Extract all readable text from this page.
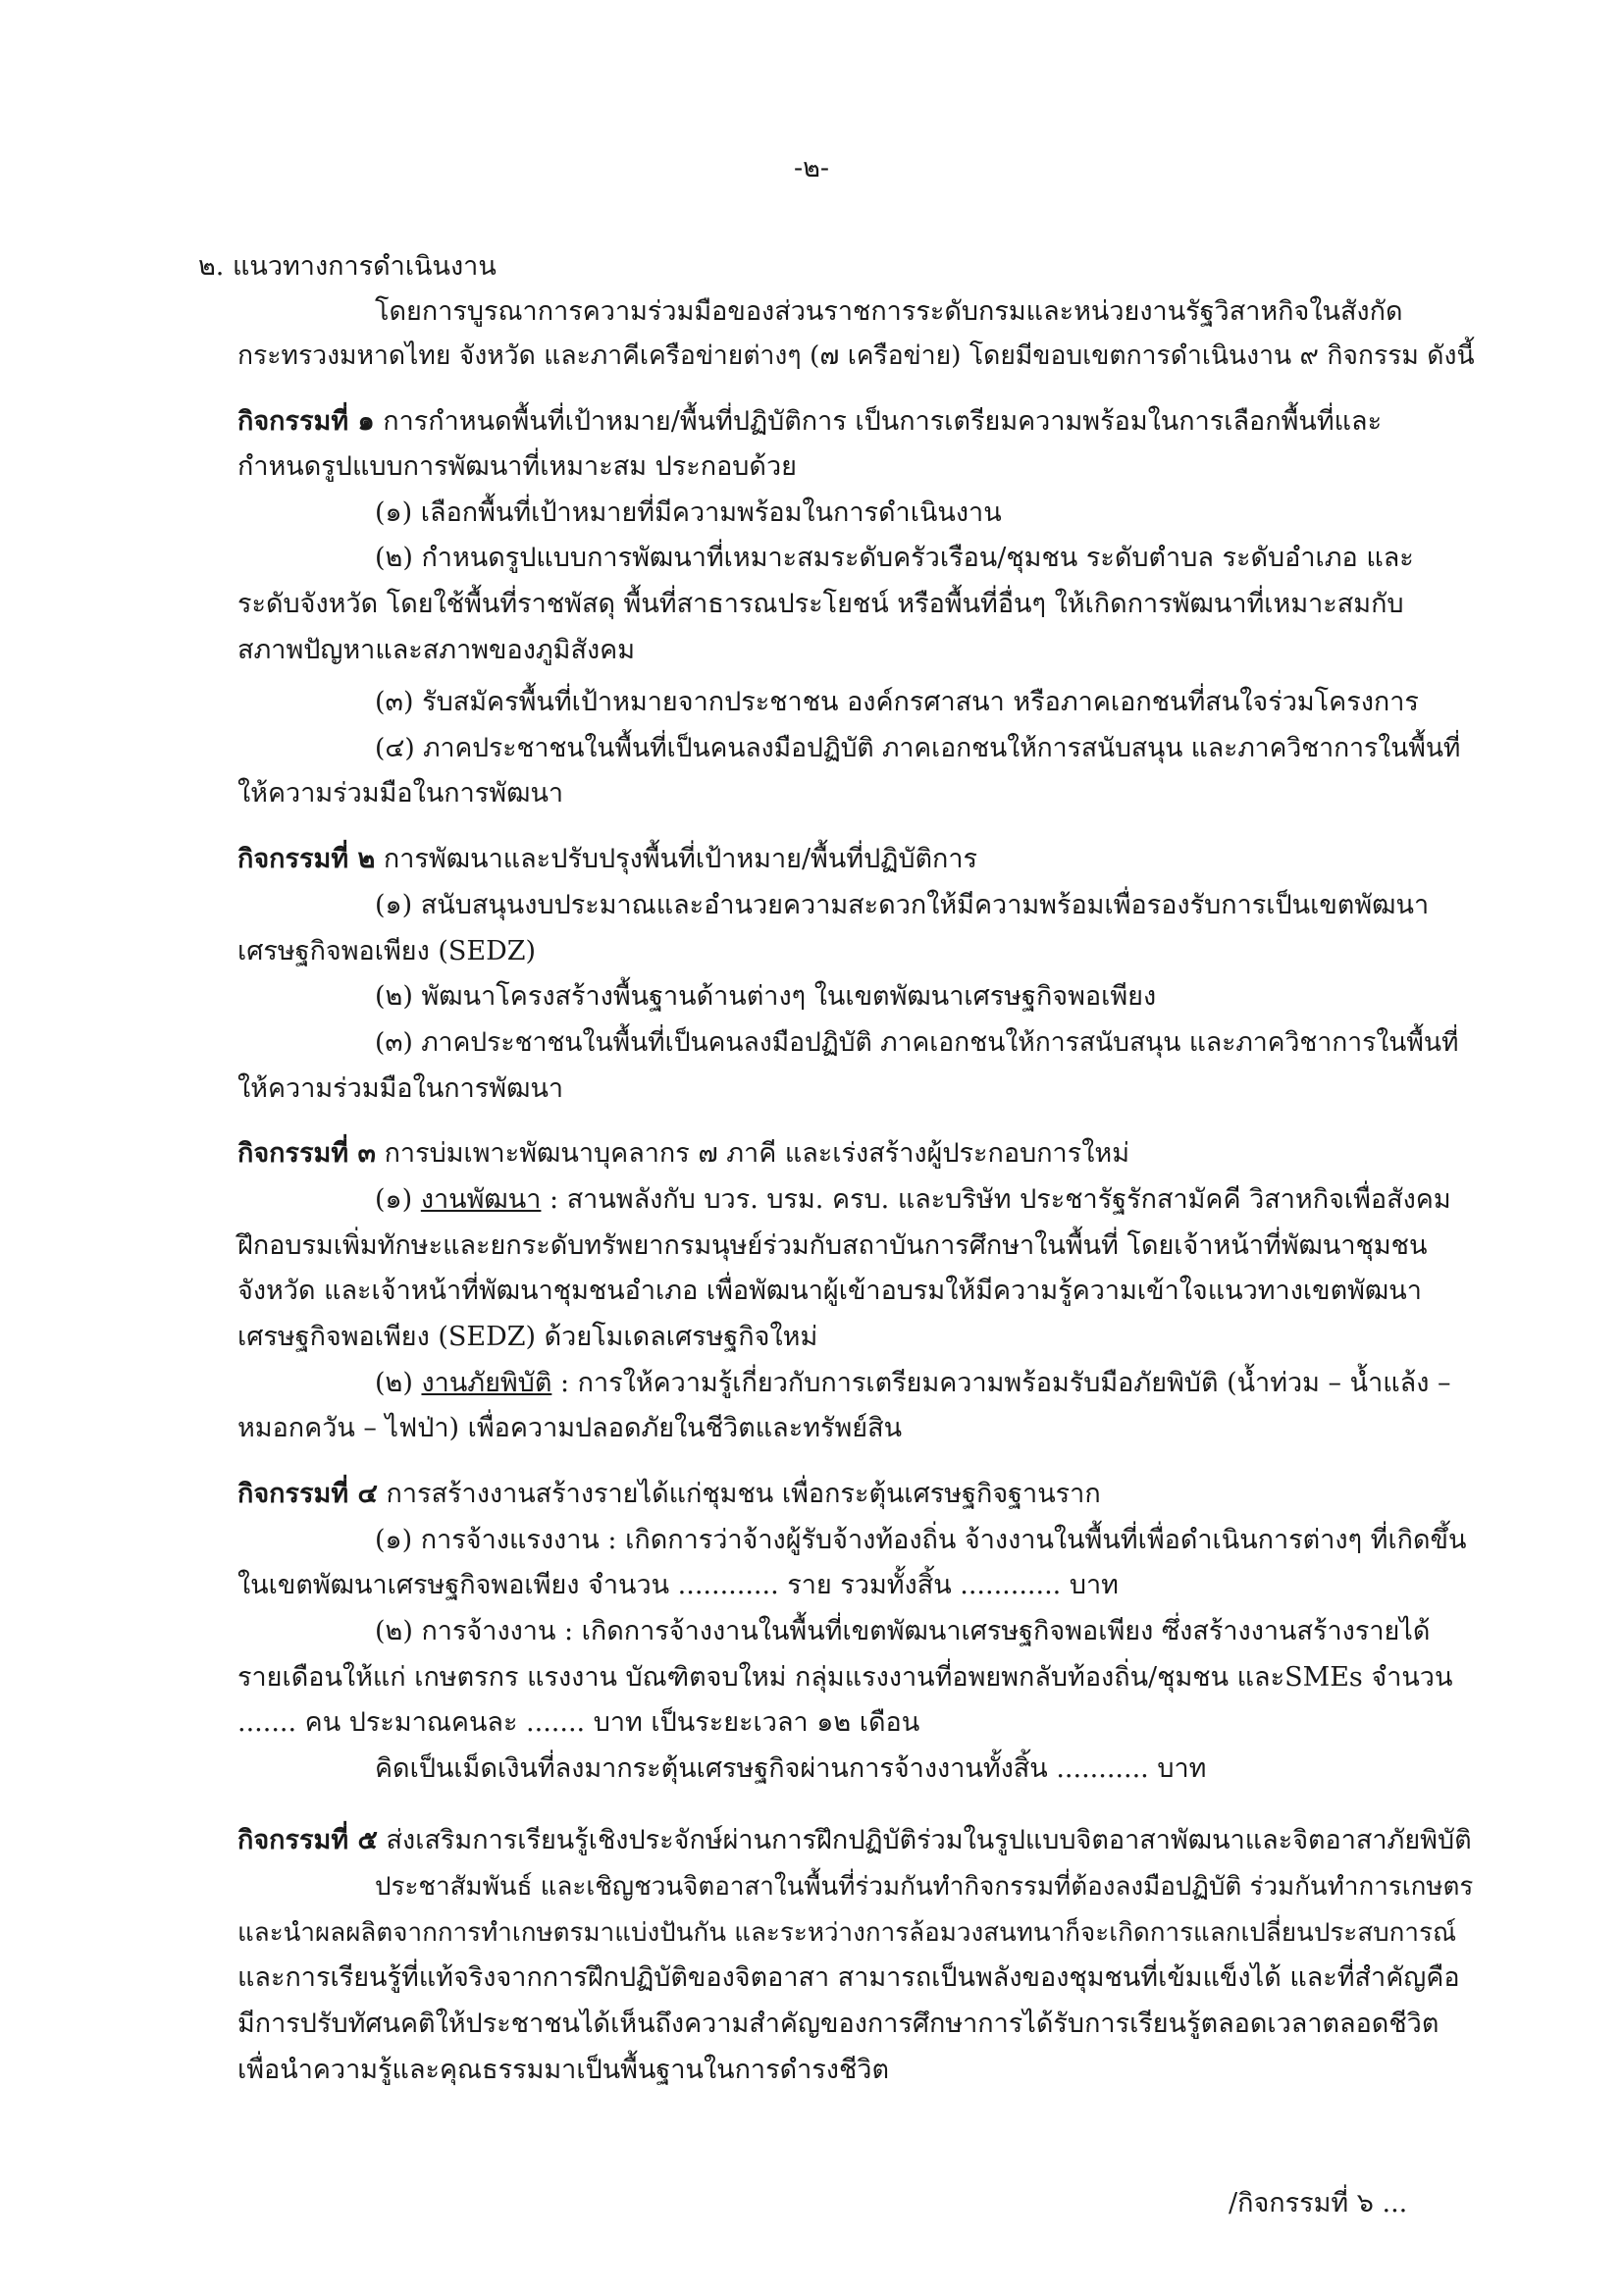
-๒-
๒. แนวทางการดำเนินงาน
โดยการบูรณาการความร่วมมือของส่วนราชการระดับกรมและหน่วยงานรัฐวิสาหกิจในสังกัด
กระทรวงมหาดไทย จังหวัด และภาคีเครือข่ายต่างๆ (๗ เครือข่าย) โดยมีขอบเขตการดำเนินงาน ๙ กิจกรรม ดังนี้
กิจกรรมที่ ๑ การกำหนดพื้นที่เป้าหมาย/พื้นที่ปฏิบัติการ เป็นการเตรียมความพร้อมในการเลือกพื้นที่และ
กำหนดรูปแบบการพัฒนาที่เหมาะสม ประกอบด้วย
(๑) เลือกพื้นที่เป้าหมายที่มีความพร้อมในการดำเนินงาน
(๒) กำหนดรูปแบบการพัฒนาที่เหมาะสมระดับครัวเรือน/ชุมชน ระดับตำบล ระดับอำเภอ และ
ระดับจังหวัด โดยใช้พื้นที่ราชพัสดุ พื้นที่สาธารณประโยชน์ หรือพื้นที่อื่นๆ ให้เกิดการพัฒนาที่เหมาะสมกับ
สภาพปัญหาและสภาพของภูมิสังคม
(๓) รับสมัครพื้นที่เป้าหมายจากประชาชน องค์กรศาสนา หรือภาคเอกชนที่สนใจร่วมโครงการ
(๔) ภาคประชาชนในพื้นที่เป็นคนลงมือปฏิบัติ ภาคเอกชนให้การสนับสนุน และภาควิชาการในพื้นที่
ให้ความร่วมมือในการพัฒนา
กิจกรรมที่ ๒ การพัฒนาและปรับปรุงพื้นที่เป้าหมาย/พื้นที่ปฏิบัติการ
(๑) สนับสนุนงบประมาณและอำนวยความสะดวกให้มีความพร้อมเพื่อรองรับการเป็นเขตพัฒนา
เศรษฐกิจพอเพียง (SEDZ)
(๒) พัฒนาโครงสร้างพื้นฐานด้านต่างๆ ในเขตพัฒนาเศรษฐกิจพอเพียง
(๓) ภาคประชาชนในพื้นที่เป็นคนลงมือปฏิบัติ ภาคเอกชนให้การสนับสนุน และภาควิชาการในพื้นที่
ให้ความร่วมมือในการพัฒนา
กิจกรรมที่ ๓ การบ่มเพาะพัฒนาบุคลากร ๗ ภาคี และเร่งสร้างผู้ประกอบการใหม่
(๑) งานพัฒนา : สานพลังกับ บวร. บรม. ครบ. และบริษัท ประชารัฐรักสามัคคี วิสาหกิจเพื่อสังคม
ฝึกอบรมเพิ่มทักษะและยกระดับทรัพยากรมนุษย์ร่วมกับสถาบันการศึกษาในพื้นที่ โดยเจ้าหน้าที่พัฒนาชุมชน
จังหวัด และเจ้าหน้าที่พัฒนาชุมชนอำเภอ เพื่อพัฒนาผู้เข้าอบรมให้มีความรู้ความเข้าใจแนวทางเขตพัฒนา
เศรษฐกิจพอเพียง (SEDZ) ด้วยโมเดลเศรษฐกิจใหม่
(๒) งานภัยพิบัติ : การให้ความรู้เกี่ยวกับการเตรียมความพร้อมรับมือภัยพิบัติ (น้ำท่วม – น้ำแล้ง –
หมอกควัน – ไฟป่า) เพื่อความปลอดภัยในชีวิตและทรัพย์สิน
กิจกรรมที่ ๔ การสร้างงานสร้างรายได้แก่ชุมชน เพื่อกระตุ้นเศรษฐกิจฐานราก
(๑) การจ้างแรงงาน : เกิดการว่าจ้างผู้รับจ้างท้องถิ่น จ้างงานในพื้นที่เพื่อดำเนินการต่างๆ ที่เกิดขึ้น
ในเขตพัฒนาเศรษฐกิจพอเพียง จำนวน ............ ราย รวมทั้งสิ้น ............ บาท
(๒) การจ้างงาน : เกิดการจ้างงานในพื้นที่เขตพัฒนาเศรษฐกิจพอเพียง ซึ่งสร้างงานสร้างรายได้
รายเดือนให้แก่ เกษตรกร แรงงาน บัณฑิตจบใหม่ กลุ่มแรงงานที่อพยพกลับท้องถิ่น/ชุมชน และSMEs จำนวน
....... คน ประมาณคนละ ....... บาท เป็นระยะเวลา ๑๒ เดือน
คิดเป็นเม็ดเงินที่ลงมากระตุ้นเศรษฐกิจผ่านการจ้างงานทั้งสิ้น ........... บาท
กิจกรรมที่ ๕ ส่งเสริมการเรียนรู้เชิงประจักษ์ผ่านการฝึกปฏิบัติร่วมในรูปแบบจิตอาสาพัฒนาและจิตอาสาภัยพิบัติ
ประชาสัมพันธ์ และเชิญชวนจิตอาสาในพื้นที่ร่วมกันทำกิจกรรมที่ต้องลงมือปฏิบัติ ร่วมกันทำการเกษตร
และนำผลผลิตจากการทำเกษตรมาแบ่งปันกัน และระหว่างการล้อมวงสนทนาก็จะเกิดการแลกเปลี่ยนประสบการณ์
และการเรียนรู้ที่แท้จริงจากการฝึกปฏิบัติของจิตอาสา สามารถเป็นพลังของชุมชนที่เข้มแข็งได้ และที่สำคัญคือ
มีการปรับทัศนคติให้ประชาชนได้เห็นถึงความสำคัญของการศึกษาการได้รับการเรียนรู้ตลอดเวลาตลอดชีวิต
เพื่อนำความรู้และคุณธรรมมาเป็นพื้นฐานในการดำรงชีวิต
/กิจกรรมที่ ๖ ...
